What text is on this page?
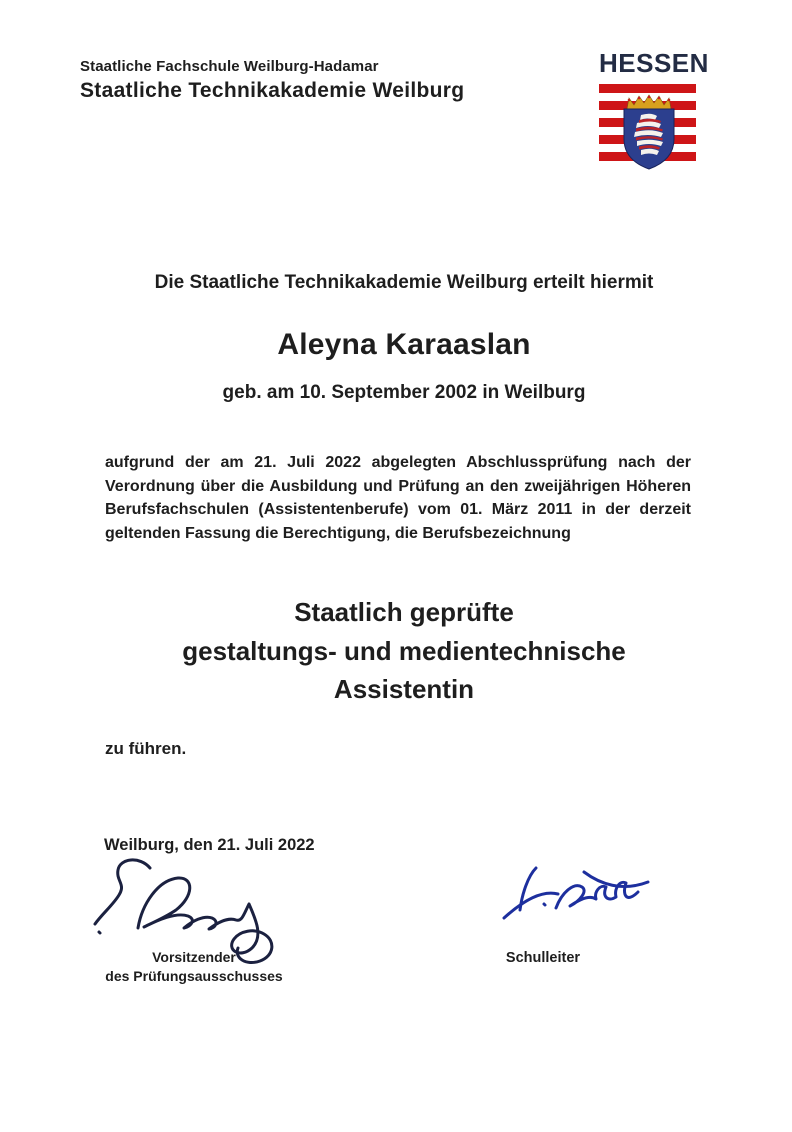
Staatliche Fachschule Weilburg-Hadamar
Staatliche Technikakademie Weilburg
HESSEN
Die Staatliche Technikakademie Weilburg erteilt hiermit
Aleyna Karaaslan
geb. am 10. September 2002 in Weilburg
aufgrund der am 21. Juli 2022 abgelegten Abschlussprüfung nach der
Verordnung über die Ausbildung und Prüfung an den zweijährigen Höheren
Berufsfachschulen (Assistentenberufe) vom 01. März 2011 in der derzeit
geltenden Fassung die Berechtigung, die Berufsbezeichnung
Staatlich geprüfte
gestaltungs- und medientechnische
Assistentin
zu führen.
Weilburg, den 21. Juli 2022
Vorsitzender
des Prüfungsausschusses
Schulleiter
